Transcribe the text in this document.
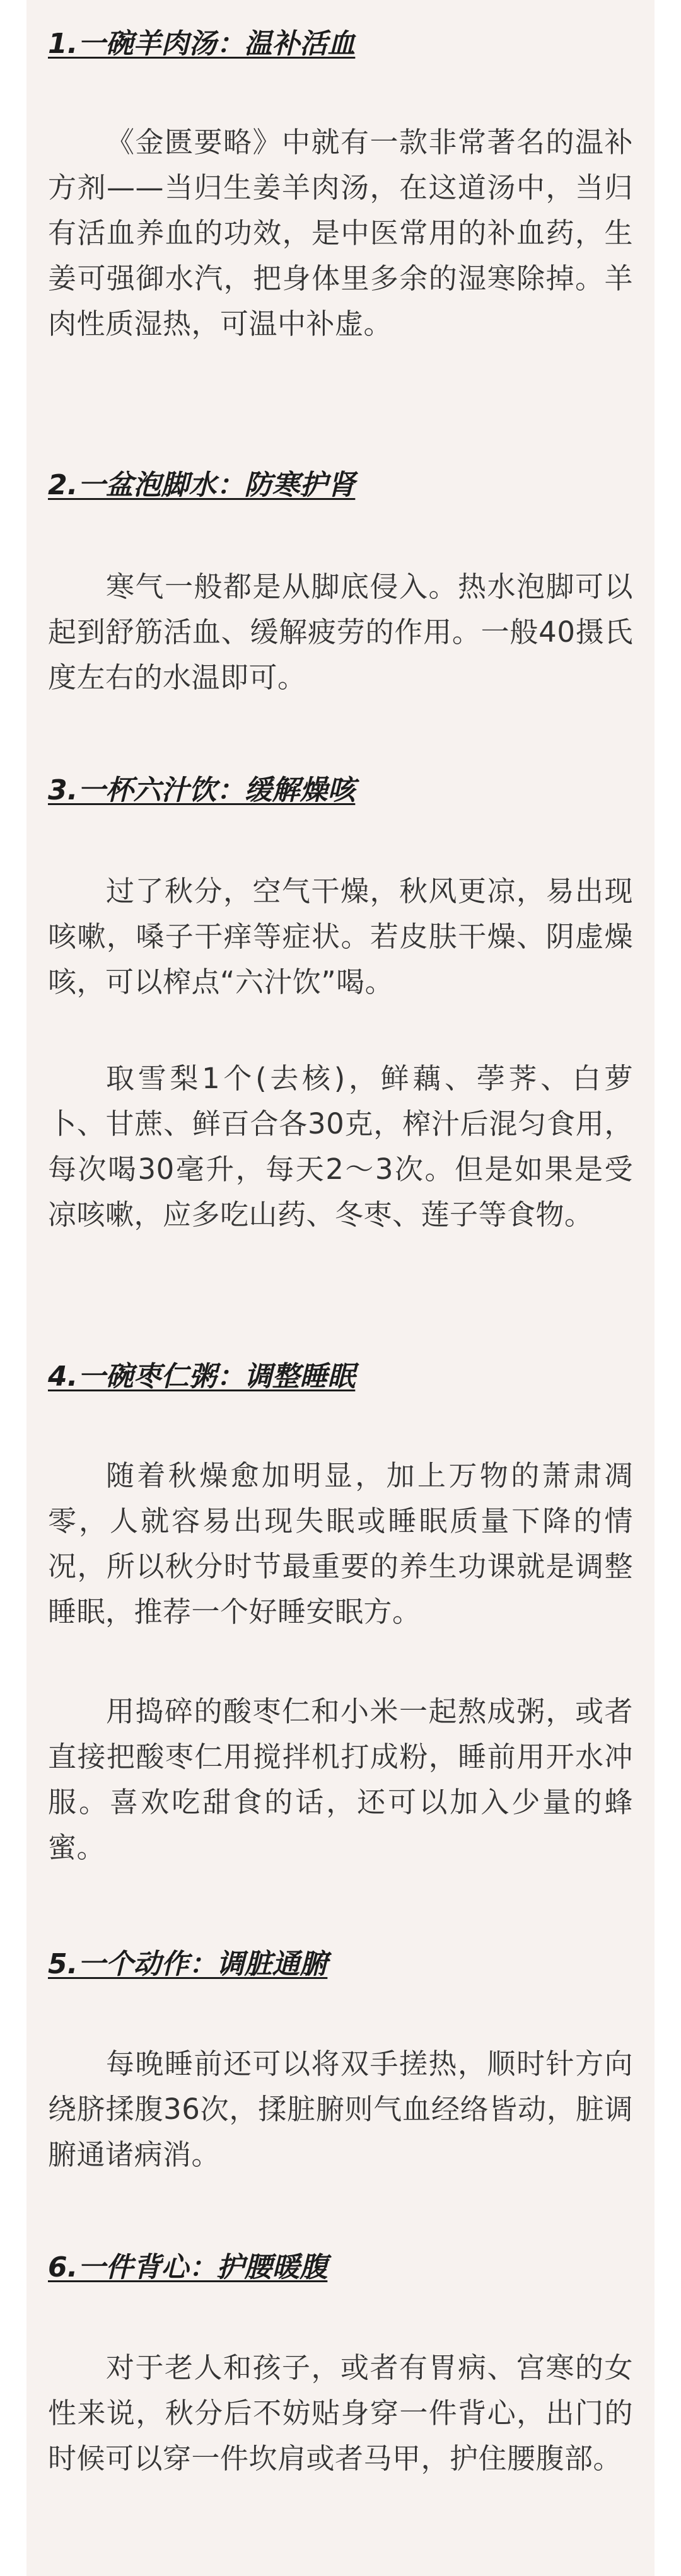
1.一碗羊肉汤：温补活血

《金匮要略》中就有一款非常著名的温补方剂——当归生姜羊肉汤，在这道汤中，当归有活血养血的功效，是中医常用的补血药，生姜可强御水汽，把身体里多余的湿寒除掉。羊肉性质湿热，可温中补虚。

2.一盆泡脚水：防寒护肾

寒气一般都是从脚底侵入。热水泡脚可以起到舒筋活血、缓解疲劳的作用。一般40摄氏度左右的水温即可。

3.一杯六汁饮：缓解燥咳

过了秋分，空气干燥，秋风更凉，易出现咳嗽，嗓子干痒等症状。若皮肤干燥、阴虚燥咳，可以榨点“六汁饮”喝。

取雪梨1个(去核)，鲜藕、荸荠、白萝卜、甘蔗、鲜百合各30克，榨汁后混匀食用，每次喝30毫升，每天2～3次。但是如果是受凉咳嗽，应多吃山药、冬枣、莲子等食物。

4.一碗枣仁粥：调整睡眠

随着秋燥愈加明显，加上万物的萧肃凋零，人就容易出现失眠或睡眠质量下降的情况，所以秋分时节最重要的养生功课就是调整睡眠，推荐一个好睡安眠方。

用捣碎的酸枣仁和小米一起熬成粥，或者直接把酸枣仁用搅拌机打成粉，睡前用开水冲服。喜欢吃甜食的话，还可以加入少量的蜂蜜。

5.一个动作：调脏通腑

每晚睡前还可以将双手搓热，顺时针方向绕脐揉腹36次，揉脏腑则气血经络皆动，脏调腑通诸病消。

6.一件背心：护腰暖腹

对于老人和孩子，或者有胃病、宫寒的女性来说，秋分后不妨贴身穿一件背心，出门的时候可以穿一件坎肩或者马甲，护住腰腹部。
